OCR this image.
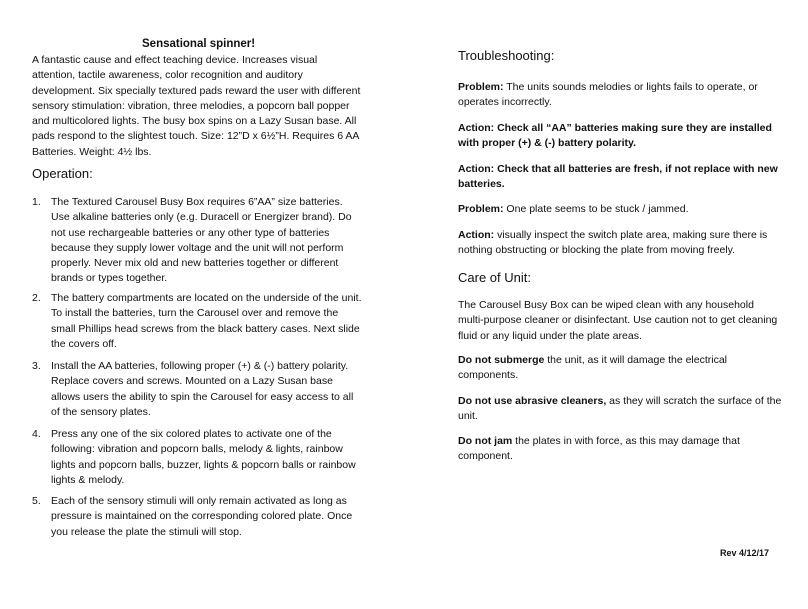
Sensational spinner!

A fantastic cause and effect teaching device. Increases visual attention, tactile awareness, color recognition and auditory development. Six specially textured pads reward the user with different sensory stimulation: vibration, three melodies, a popcorn ball popper and multicolored lights. The busy box spins on a Lazy Susan base. All pads respond to the slightest touch. Size: 12”D x 6½”H. Requires 6 AA Batteries. Weight: 4½ lbs.

Operation:
1. The Textured Carousel Busy Box requires 6”AA” size batteries. Use alkaline batteries only (e.g. Duracell or Energizer brand). Do not use rechargeable batteries or any other type of batteries because they supply lower voltage and the unit will not perform properly. Never mix old and new batteries together or different brands or types together.
2. The battery compartments are located on the underside of the unit. To install the batteries, turn the Carousel over and remove the small Phillips head screws from the black battery cases. Next slide the covers off.
3. Install the AA batteries, following proper (+) & (-) battery polarity. Replace covers and screws. Mounted on a Lazy Susan base allows users the ability to spin the Carousel for easy access to all of the sensory plates.
4. Press any one of the six colored plates to activate one of the following: vibration and popcorn balls, melody & lights, rainbow lights and popcorn balls, buzzer, lights & popcorn balls or rainbow lights & melody.
5. Each of the sensory stimuli will only remain activated as long as pressure is maintained on the corresponding colored plate. Once you release the plate the stimuli will stop.
Troubleshooting:

Problem: The units sounds melodies or lights fails to operate, or operates incorrectly.

Action: Check all “AA” batteries making sure they are installed with proper (+) & (-) battery polarity.

Action: Check that all batteries are fresh, if not replace with new batteries.

Problem: One plate seems to be stuck / jammed.

Action: visually inspect the switch plate area, making sure there is nothing obstructing or blocking the plate from moving freely.

Care of Unit:

The Carousel Busy Box can be wiped clean with any household multi-purpose cleaner or disinfectant. Use caution not to get cleaning fluid or any liquid under the plate areas.

Do not submerge the unit, as it will damage the electrical components.

Do not use abrasive cleaners, as they will scratch the surface of the unit.

Do not jam the plates in with force, as this may damage that component.

Rev 4/12/17
